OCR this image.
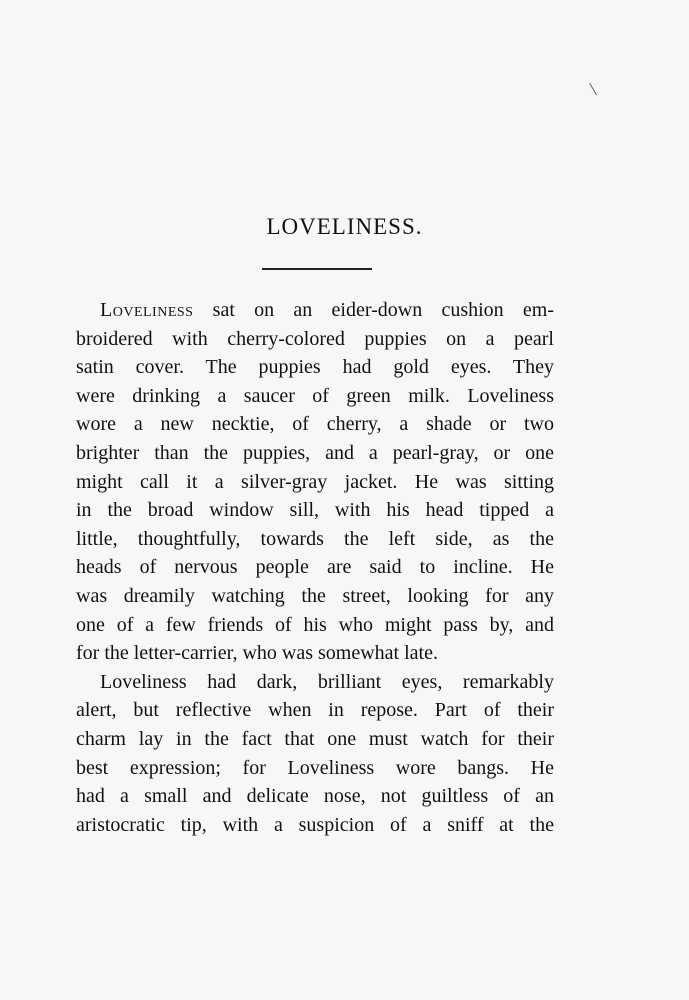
LOVELINESS.
Loveliness sat on an eider-down cushion em-
broidered with cherry-colored puppies on a pearl
satin cover. The puppies had gold eyes. They
were drinking a saucer of green milk. Loveliness
wore a new necktie, of cherry, a shade or two
brighter than the puppies, and a pearl-gray, or one
might call it a silver-gray jacket. He was sitting
in the broad window sill, with his head tipped a
little, thoughtfully, towards the left side, as the
heads of nervous people are said to incline. He
was dreamily watching the street, looking for any
one of a few friends of his who might pass by, and
for the letter-carrier, who was somewhat late.
Loveliness had dark, brilliant eyes, remarkably
alert, but reflective when in repose. Part of their
charm lay in the fact that one must watch for their
best expression; for Loveliness wore bangs. He
had a small and delicate nose, not guiltless of an
aristocratic tip, with a suspicion of a sniff at the
